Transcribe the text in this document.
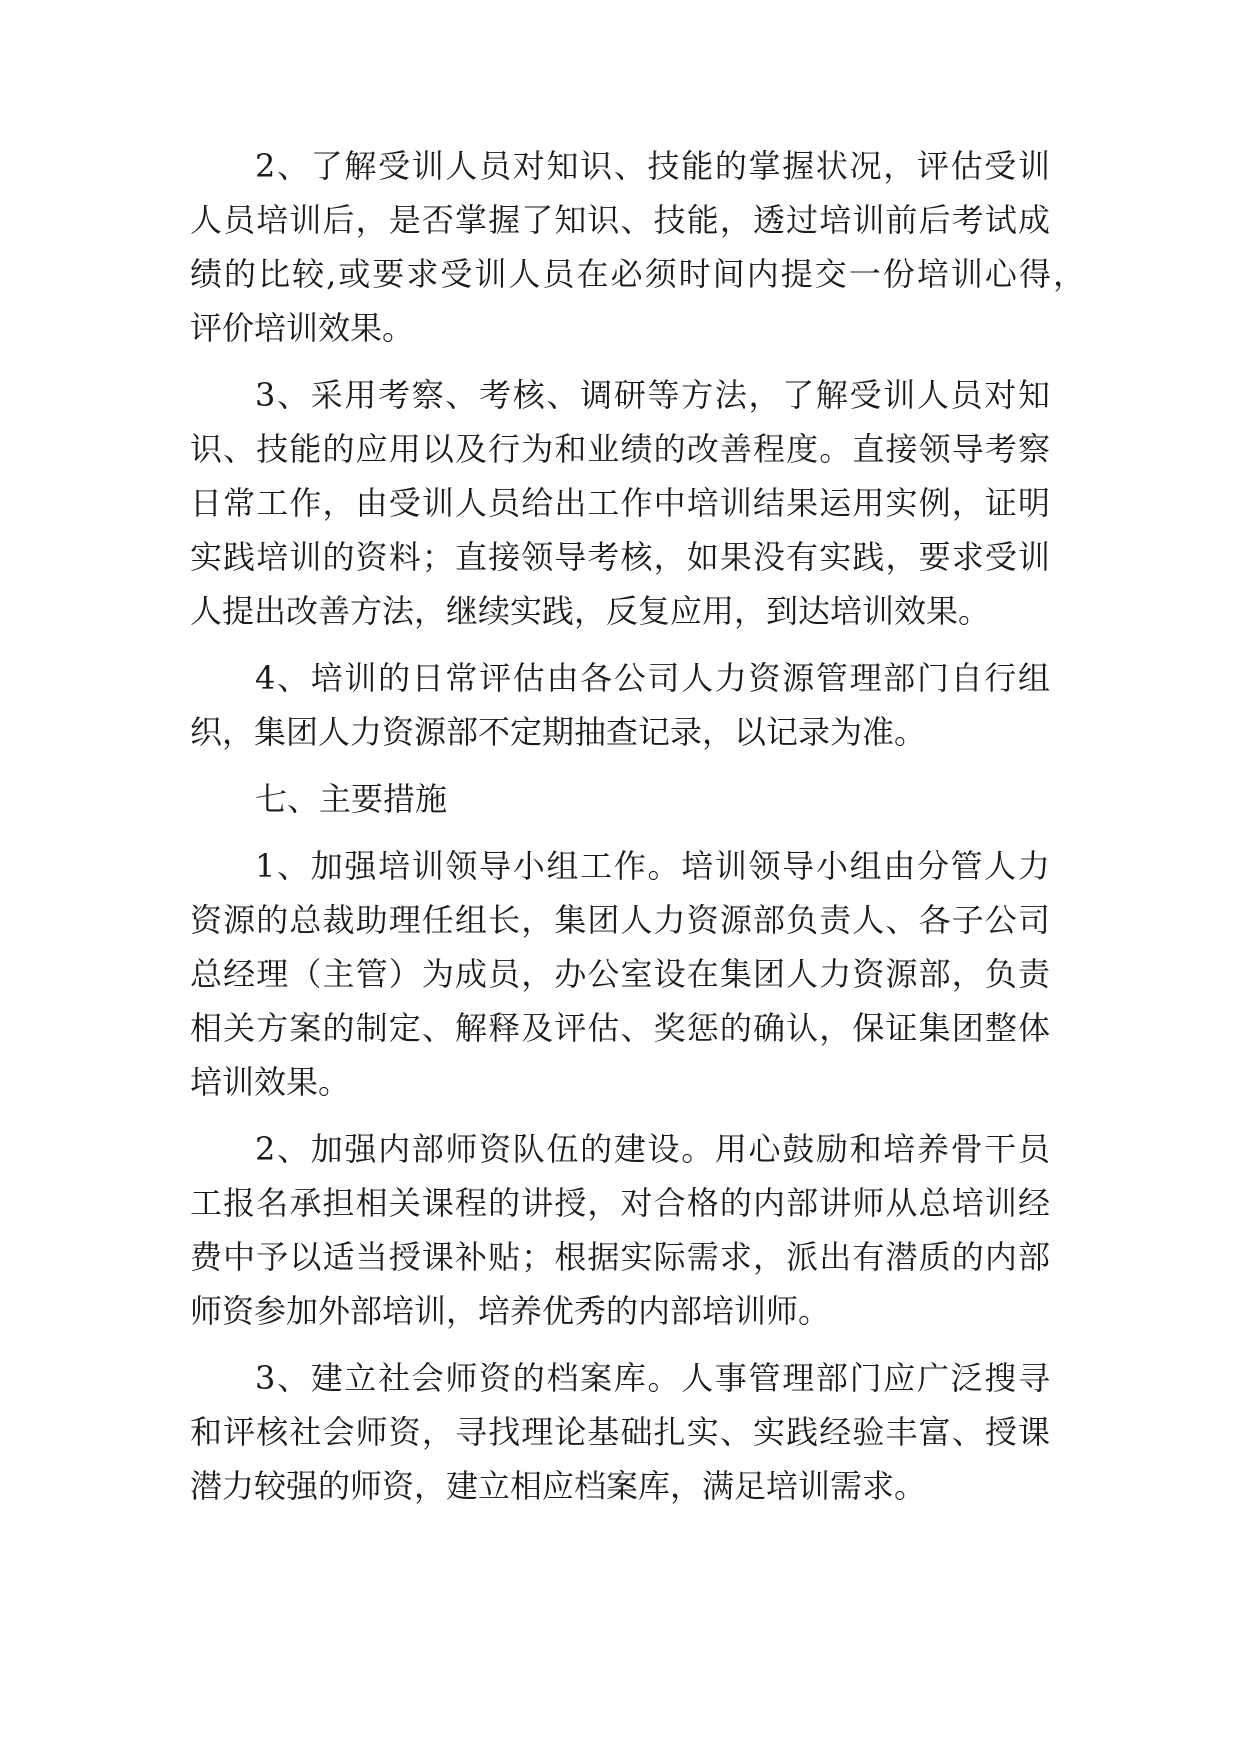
2、了解受训人员对知识、技能的掌握状况，评估受训
人员培训后，是否掌握了知识、技能，透过培训前后考试成
绩的比较,或要求受训人员在必须时间内提交一份培训心得，
评价培训效果。
3、采用考察、考核、调研等方法，了解受训人员对知
识、技能的应用以及行为和业绩的改善程度。直接领导考察
日常工作，由受训人员给出工作中培训结果运用实例，证明
实践培训的资料；直接领导考核，如果没有实践，要求受训
人提出改善方法，继续实践，反复应用，到达培训效果。
4、培训的日常评估由各公司人力资源管理部门自行组
织，集团人力资源部不定期抽查记录，以记录为准。
七、主要措施
1、加强培训领导小组工作。培训领导小组由分管人力
资源的总裁助理任组长，集团人力资源部负责人、各子公司
总经理（主管）为成员，办公室设在集团人力资源部，负责
相关方案的制定、解释及评估、奖惩的确认，保证集团整体
培训效果。
2、加强内部师资队伍的建设。用心鼓励和培养骨干员
工报名承担相关课程的讲授，对合格的内部讲师从总培训经
费中予以适当授课补贴；根据实际需求，派出有潜质的内部
师资参加外部培训，培养优秀的内部培训师。
3、建立社会师资的档案库。人事管理部门应广泛搜寻
和评核社会师资，寻找理论基础扎实、实践经验丰富、授课
潜力较强的师资，建立相应档案库，满足培训需求。
